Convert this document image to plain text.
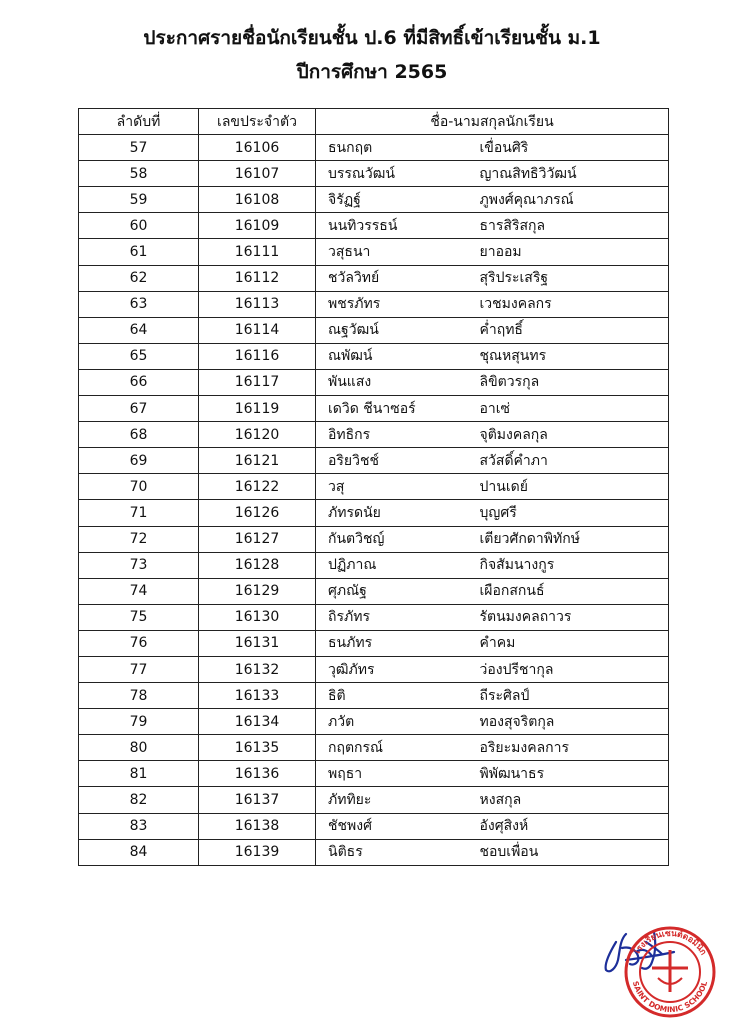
ประกาศรายชื่อนักเรียนชั้น ป.6 ที่มีสิทธิ์เข้าเรียนชั้น ม.1
ปีการศึกษา 2565
ลำดับที่	เลขประจำตัว	ชื่อ-นามสกุลนักเรียน	
57	16106	ธนกฤต	เขื่อนศิริ
58	16107	บรรณวัฒน์	ญาณสิทธิวิวัฒน์
59	16108	จิรัฏฐ์	ภูพงศ์คุณาภรณ์
60	16109	นนทิวรรธน์	ธารสิริสกุล
61	16111	วสุธนา	ยาออม
62	16112	ชวัลวิทย์	สุริประเสริฐ
63	16113	พชรภัทร	เวชมงคลกร
64	16114	ณฐวัฒน์	ค่ำฤทธิ์
65	16116	ณพัฒน์	ชุณหสุนทร
66	16117	พันแสง	ลิขิตวรกุล
67	16119	เดวิด ชีนาซอร์	อาเซ่
68	16120	อิทธิกร	จุติมงคลกุล
69	16121	อริยวิชช์	สวัสดิ์คำภา
70	16122	วสุ	ปานเดย์
71	16126	ภัทรดนัย	บุญศรี
72	16127	กันตวิชญ์	เตียวศักดาพิทักษ์
73	16128	ปฏิภาณ	กิจสัมนางกูร
74	16129	ศุภณัฐ	เผือกสกนธ์
75	16130	ถิรภัทร	รัตนมงคลถาวร
76	16131	ธนภัทร	คำคม
77	16132	วุฒิภัทร	ว่องปรีชากุล
78	16133	ธิติ	ถีระศิลป์
79	16134	ภวัต	ทองสุจริตกุล
80	16135	กฤตกรณ์	อริยะมงคลการ
81	16136	พฤธา	พิพัฒนาธร
82	16137	ภัททิยะ	หงสกุล
83	16138	ชัชพงศ์	อังศุสิงห์
84	16139	นิติธร	ชอบเพื่อน
โรงเรียนเซนต์ดอมินิก
SAINT DOMINIC SCHOOL
